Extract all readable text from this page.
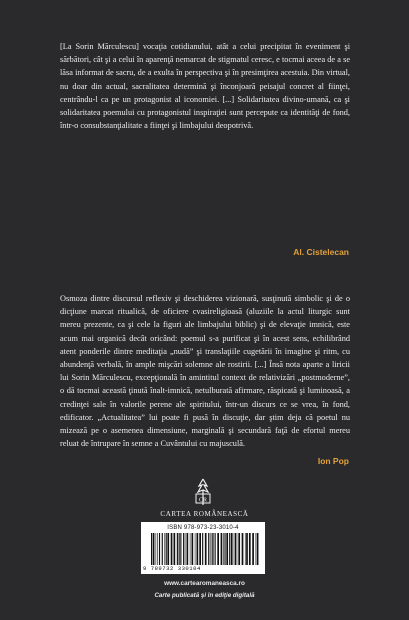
[La Sorin Mărculescu] vocaţia cotidianului, atât a celui precipitat în eveniment şi sărbători, cât şi a celui în aparenţă nemarcat de stigmatul ceresc, e tocmai aceea de a se lăsa informat de sacru, de a exulta în perspectiva şi în presimţirea acestuia. Din virtual, nu doar din actual, sacralitatea determină şi înconjoară peisajul concret al fiinţei, centrându-l ca pe un protagonist al iconomiei. [...] Solidaritatea divino-umană, ca şi solidaritatea poemului cu protagonistul inspiraţiei sunt percepute ca identităţi de fond, într-o consubstanţialitate a fiinţei şi limbajului deopotrivă.

Al. Cistelecan

Osmoza dintre discursul reflexiv şi deschiderea vizionară, susţinută simbolic şi de o dicţiune marcat ritualică, de oficiere cvasireligioasă (aluziile la actul liturgic sunt mereu prezente, ca şi cele la figuri ale limbajului biblic) şi de elevaţie imnică, este acum mai organică decât oricând: poemul s-a purificat şi în acest sens, echilibrând atent ponderile dintre meditaţia „nudă” şi translaţiile cugetării în imagine şi ritm, cu abundenţă verbală, în ample mişcări solemne ale rostirii. [...] Însă nota aparte a liricii lui Sorin Mărculescu, excepţională în amintitul context de relativizări „postmoderne”, o dă tocmai această ţinută înalt-imnică, netulburată afirmare, răspicată şi luminoasă, a credinţei sale în valorile perene ale spiritului, într-un discurs ce se vrea, în fond, edificator. „Actualitatea” lui poate fi pusă în discuţie, dar ştim deja că poetul nu mizează pe o asemenea dimensiune, marginală şi secundară faţă de efortul mereu reluat de întrupare în semne a Cuvântului cu majusculă.

Ion Pop
CR
CARTEA ROMÂNEASCĂ
ISBN 978-973-23-3010-4
9 789732 330104
www.cartearomaneasca.ro
Carte publicată şi în ediţie digitală
